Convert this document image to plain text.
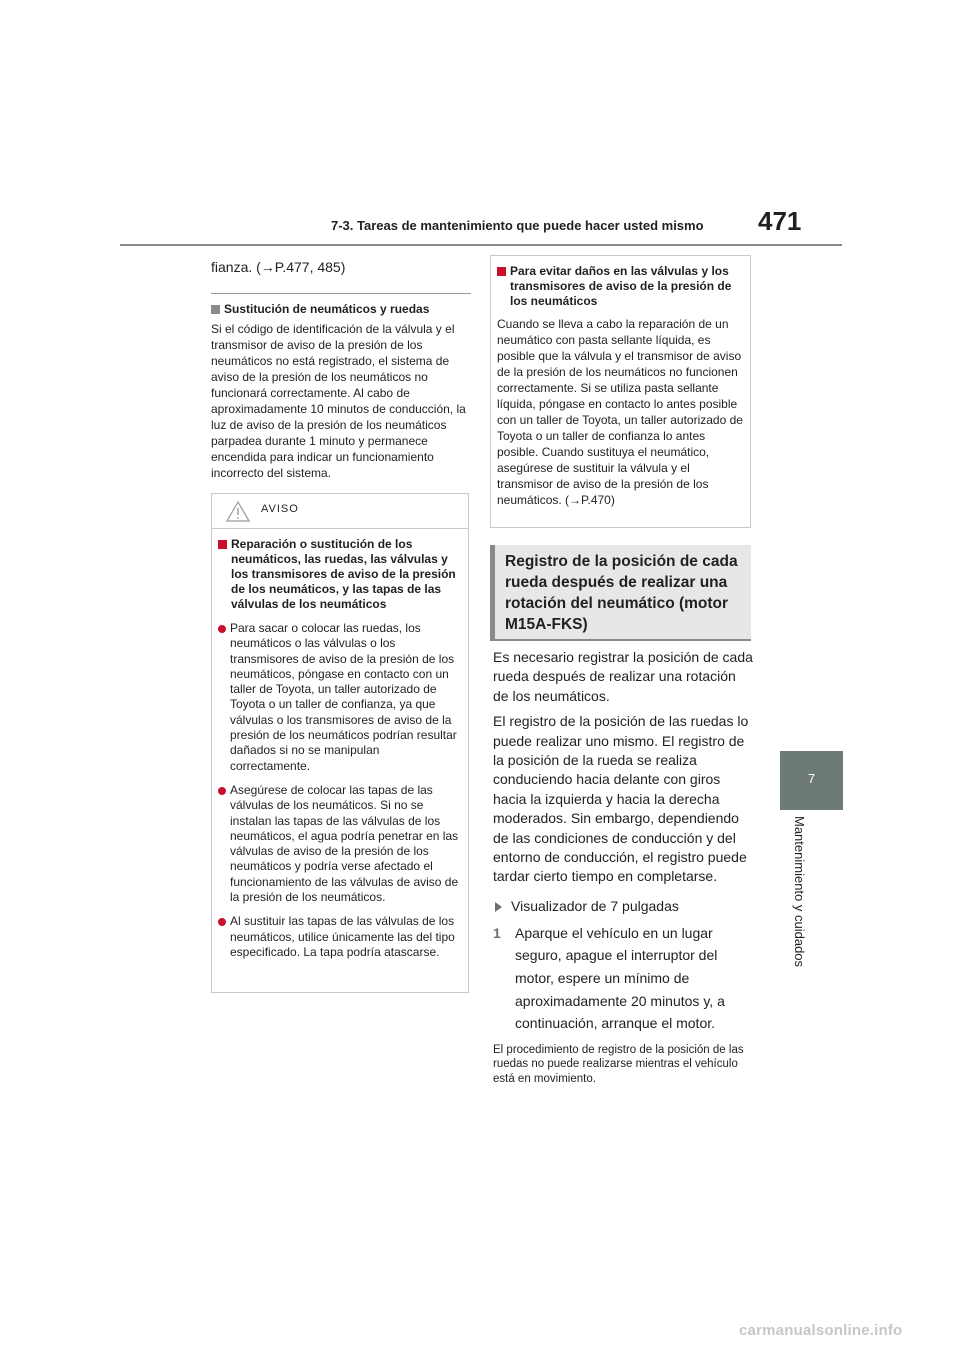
7-3. Tareas de mantenimiento que puede hacer usted mismo 471
7
Mantenimiento y cuidados

fianza. (→P.477, 485)

Sustitución de neumáticos y ruedas

Si el código de identificación de la válvula y el transmisor de aviso de la presión de los neumáticos no está registrado, el sistema de aviso de la presión de los neumáticos no funcionará correctamente. Al cabo de aproximadamente 10 minutos de conducción, la luz de aviso de la presión de los neumáticos parpadea durante 1 minuto y permanece encendida para indicar un funcionamiento incorrecto del sistema.

AVISO
Reparación o sustitución de los neumáticos, las ruedas, las válvulas y los transmisores de aviso de la presión de los neumáticos, y las tapas de las válvulas de los neumáticos
Para sacar o colocar las ruedas, los neumáticos o las válvulas o los transmisores de aviso de la presión de los neumáticos, póngase en contacto con un taller de Toyota, un taller autorizado de Toyota o un taller de confianza, ya que válvulas o los transmisores de aviso de la presión de los neumáticos podrían resultar dañados si no se manipulan correctamente.
Asegúrese de colocar las tapas de las válvulas de los neumáticos. Si no se instalan las tapas de las válvulas de los neumáticos, el agua podría penetrar en las válvulas de aviso de la presión de los neumáticos y podría verse afectado el funcionamiento de las válvulas de aviso de la presión de los neumáticos.
Al sustituir las tapas de las válvulas de los neumáticos, utilice únicamente las del tipo especificado. La tapa podría atascarse.
Para evitar daños en las válvulas y los transmisores de aviso de la presión de los neumáticos

Cuando se lleva a cabo la reparación de un neumático con pasta sellante líquida, es posible que la válvula y el transmisor de aviso de la presión de los neumáticos no funcionen correctamente. Si se utiliza pasta sellante líquida, póngase en contacto lo antes posible con un taller de Toyota, un taller autorizado de Toyota o un taller de confianza lo antes posible. Cuando sustituya el neumático, asegúrese de sustituir la válvula y el transmisor de aviso de la presión de los neumáticos. (→P.470)

Registro de la posición de cada rueda después de realizar una rotación del neumático (motor M15A-FKS)

Es necesario registrar la posición de cada rueda después de realizar una rotación de los neumáticos.

El registro de la posición de las ruedas lo puede realizar uno mismo. El registro de la posición de la rueda se realiza conduciendo hacia delante con giros hacia la izquierda y hacia la derecha moderados. Sin embargo, dependiendo de las condiciones de conducción y del entorno de conducción, el registro puede tardar cierto tiempo en completarse.

Visualizador de 7 pulgadas
1 Aparque el vehículo en un lugar seguro, apague el interruptor del motor, espere un mínimo de aproximadamente 20 minutos y, a continuación, arranque el motor.
El procedimiento de registro de la posición de las ruedas no puede realizarse mientras el vehículo está en movimiento.
carmanualsonline.info
